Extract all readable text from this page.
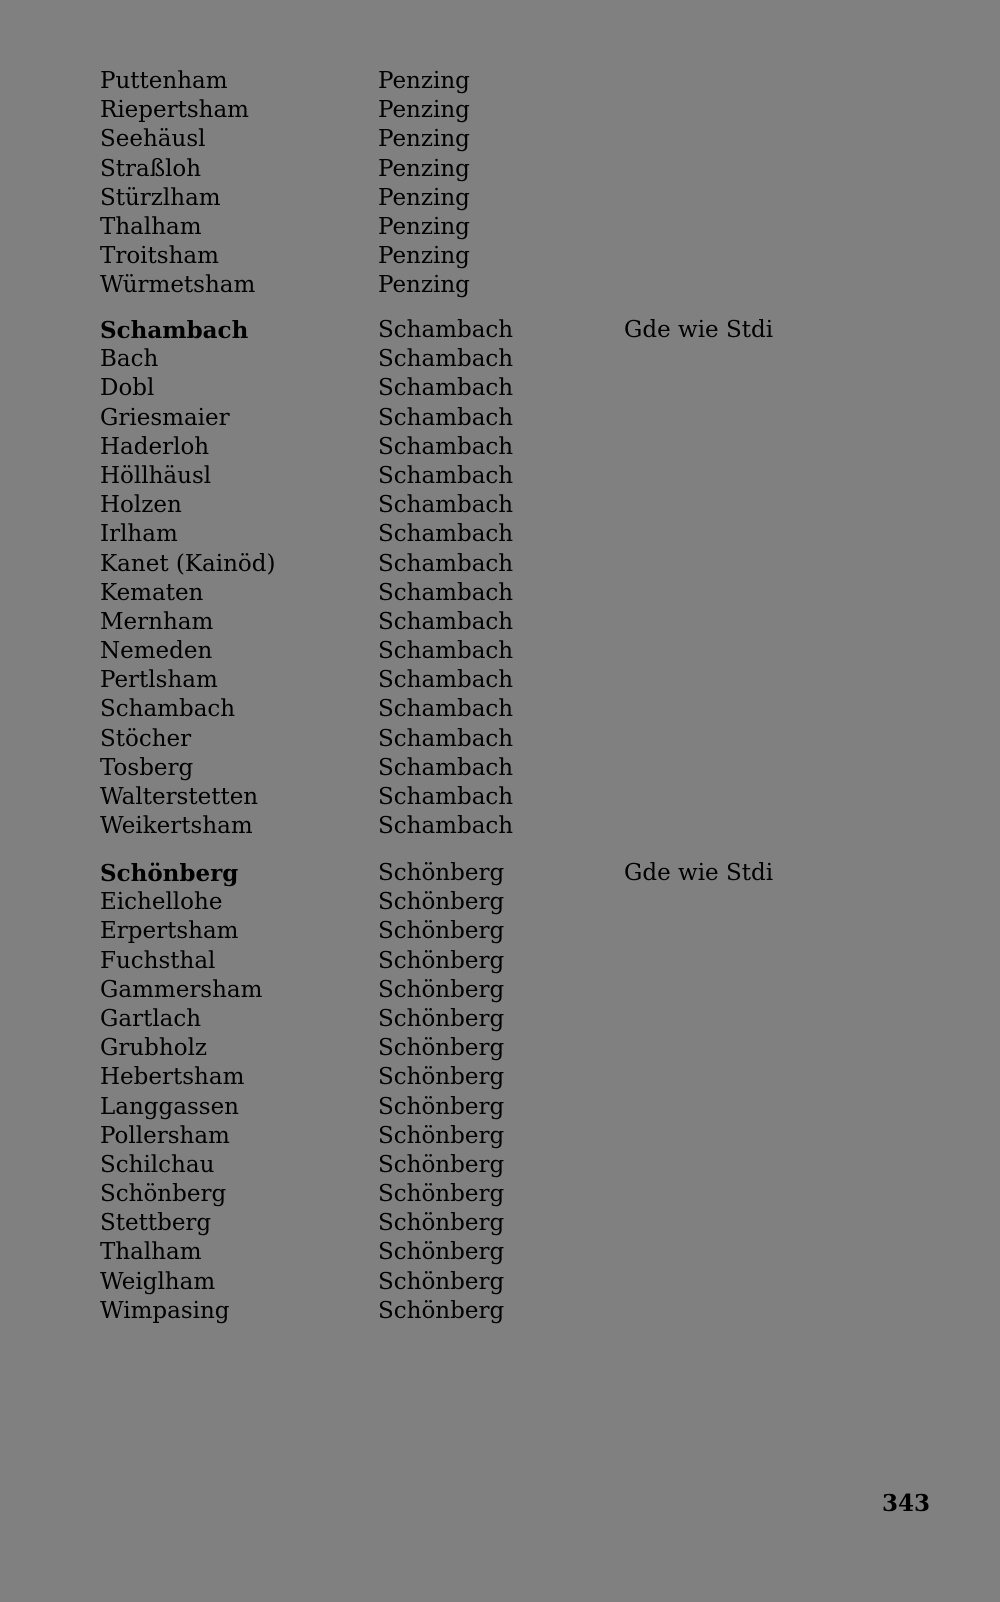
Puttenham	Penzing
Riepertsham	Penzing
Seehäusl	Penzing
Straßloh	Penzing
Stürzlham	Penzing
Thalham	Penzing
Troitsham	Penzing
Würmetsham	Penzing
Schambach	Schambach	Gde wie Stdi
Bach	Schambach
Dobl	Schambach
Griesmaier	Schambach
Haderloh	Schambach
Höllhäusl	Schambach
Holzen	Schambach
Irlham	Schambach
Kanet (Kainöd)	Schambach
Kematen	Schambach
Mernham	Schambach
Nemeden	Schambach
Pertlsham	Schambach
Schambach	Schambach
Stöcher	Schambach
Tosberg	Schambach
Walterstetten	Schambach
Weikertsham	Schambach
Schönberg	Schönberg	Gde wie Stdi
Eichellohe	Schönberg
Erpertsham	Schönberg
Fuchsthal	Schönberg
Gammersham	Schönberg
Gartlach	Schönberg
Grubholz	Schönberg
Hebertsham	Schönberg
Langgassen	Schönberg
Pollersham	Schönberg
Schilchau	Schönberg
Schönberg	Schönberg
Stettberg	Schönberg
Thalham	Schönberg
Weiglham	Schönberg
Wimpasing	Schönberg
343
